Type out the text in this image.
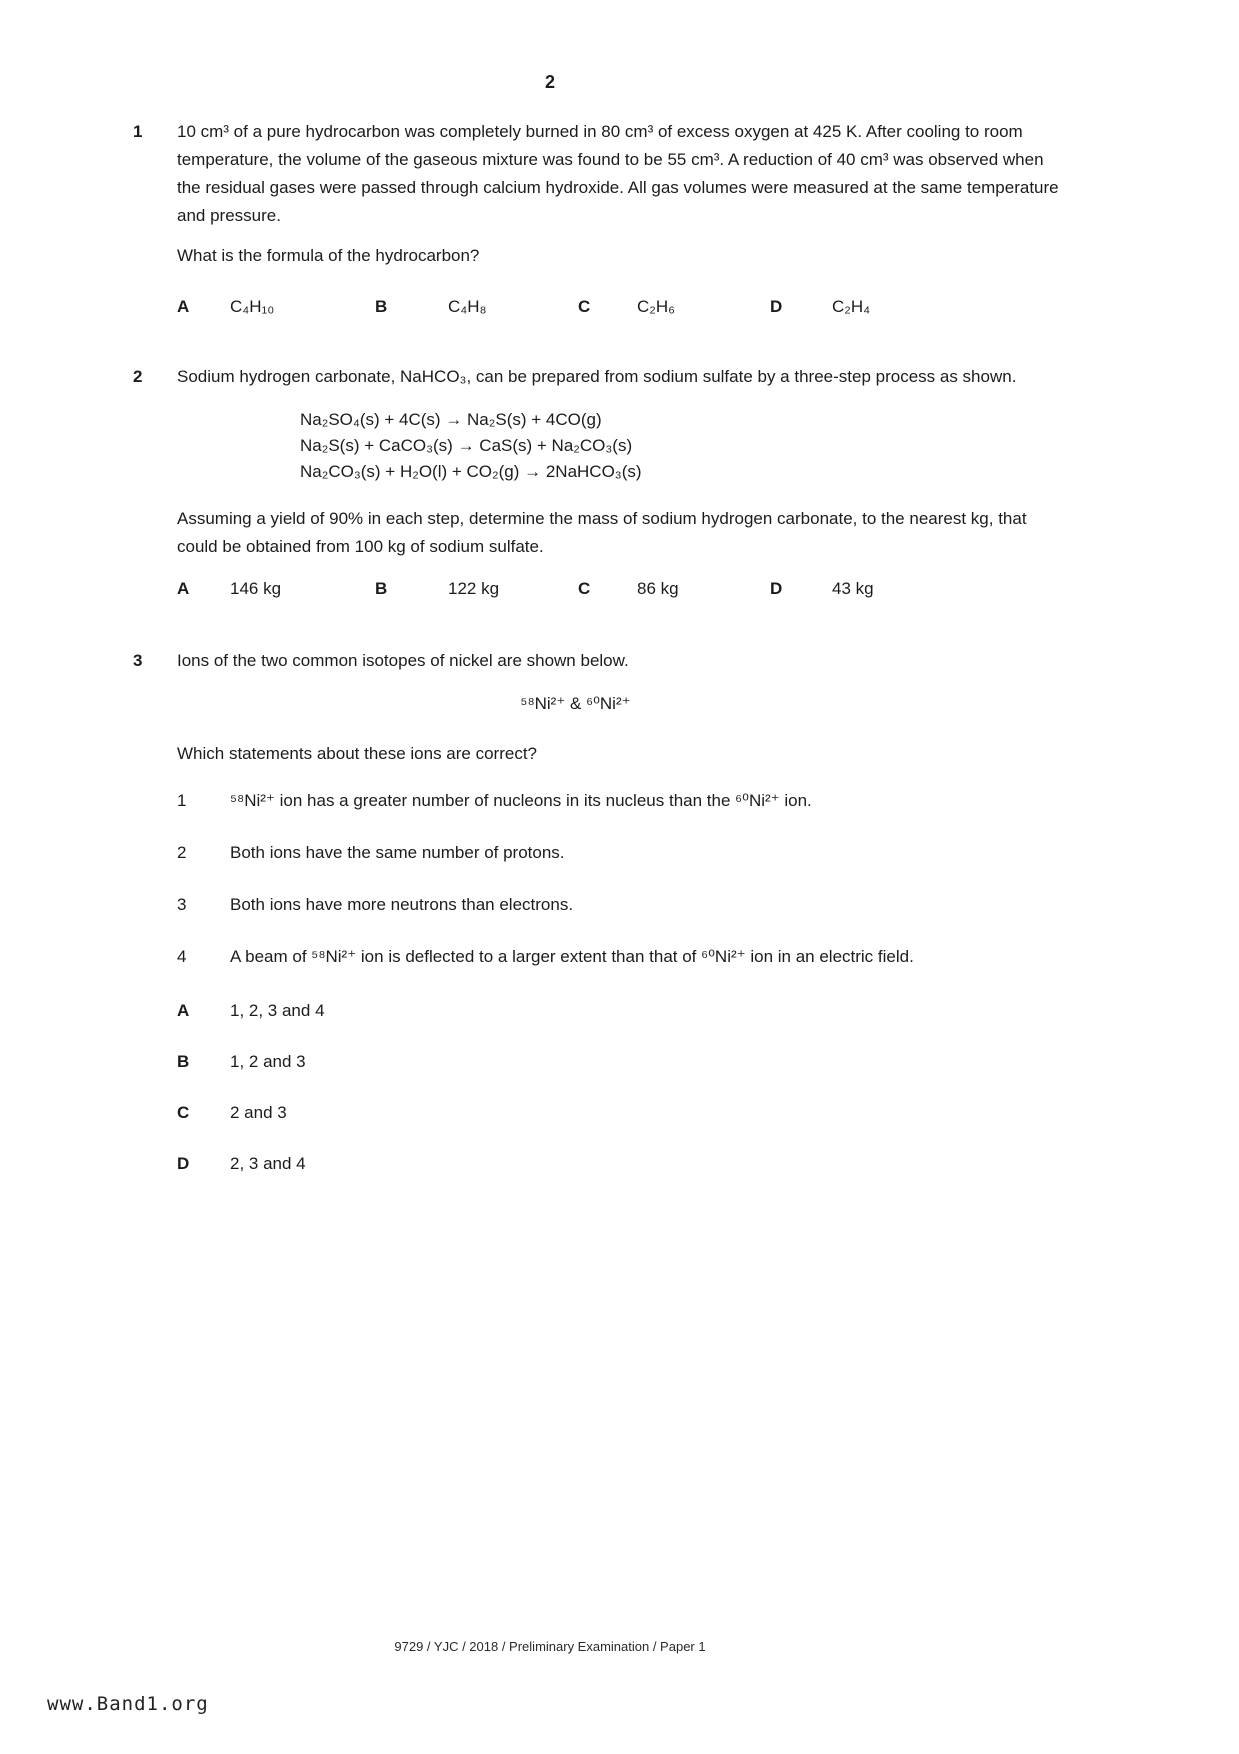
2
1	10 cm³ of a pure hydrocarbon was completely burned in 80 cm³ of excess oxygen at 425 K. After cooling to room temperature, the volume of the gaseous mixture was found to be 55 cm³. A reduction of 40 cm³ was observed when the residual gases were passed through calcium hydroxide. All gas volumes were measured at the same temperature and pressure.

What is the formula of the hydrocarbon?

A C₄H₁₀	B	C₄H₈	C	C₂H₆	D	C₂H₄
2	Sodium hydrogen carbonate, NaHCO₃, can be prepared from sodium sulfate by a three-step process as shown.

Na₂SO₄(s) + 4C(s) → Na₂S(s) + 4CO(g)
Na₂S(s) + CaCO₃(s) → CaS(s) + Na₂CO₃(s)
Na₂CO₃(s) + H₂O(l) + CO₂(g) → 2NaHCO₃(s)

Assuming a yield of 90% in each step, determine the mass of sodium hydrogen carbonate, to the nearest kg, that could be obtained from 100 kg of sodium sulfate.

A 146 kg	B	122 kg	C	86 kg	D	43 kg
3	Ions of the two common isotopes of nickel are shown below.

⁵⁸Ni²⁺ & ⁶⁰Ni²⁺

Which statements about these ions are correct?

1	⁵⁸Ni²⁺ ion has a greater number of nucleons in its nucleus than the ⁶⁰Ni²⁺ ion.
2	Both ions have the same number of protons.
3	Both ions have more neutrons than electrons.
4	A beam of ⁵⁸Ni²⁺ ion is deflected to a larger extent than that of ⁶⁰Ni²⁺ ion in an electric field.
A	1, 2, 3 and 4
B	1, 2 and 3
C	2 and 3
D	2, 3 and 4
9729 / YJC / 2018 / Preliminary Examination / Paper 1
www.Band1.org
